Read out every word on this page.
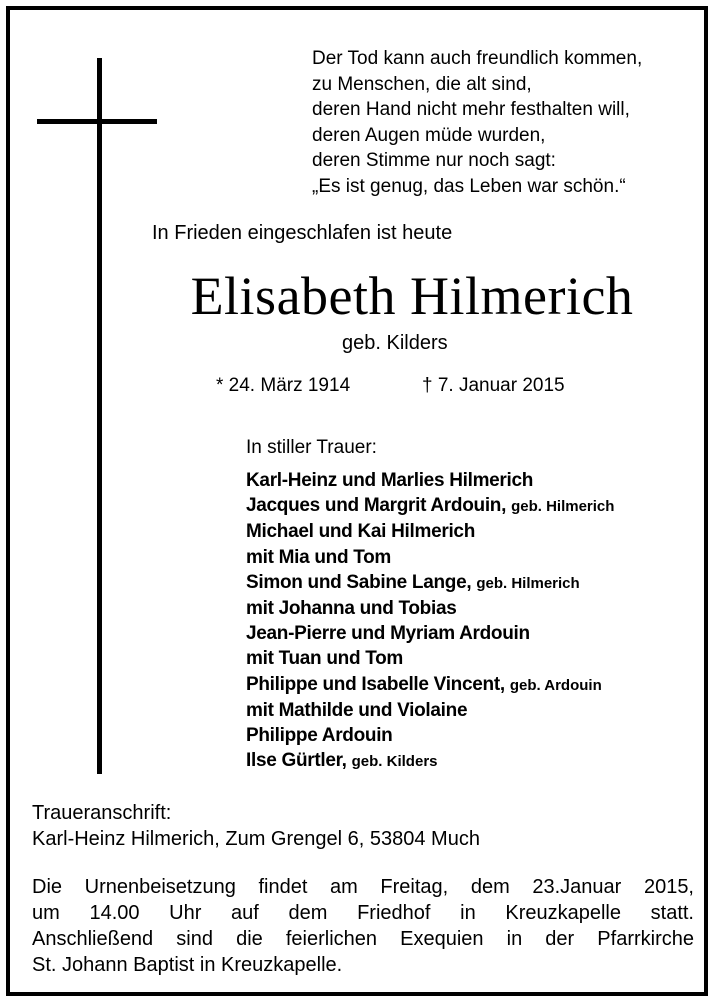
Der Tod kann auch freundlich kommen,
zu Menschen, die alt sind,
deren Hand nicht mehr festhalten will,
deren Augen müde wurden,
deren Stimme nur noch sagt:
„Es ist genug, das Leben war schön.“
In Frieden eingeschlafen ist heute
Elisabeth Hilmerich
geb. Kilders
* 24. März 1914	† 7. Januar 2015
In stiller Trauer:
Karl-Heinz und Marlies Hilmerich
Jacques und Margrit Ardouin, geb. Hilmerich
Michael und Kai Hilmerich
mit Mia und Tom
Simon und Sabine Lange, geb. Hilmerich
mit Johanna und Tobias
Jean-Pierre und Myriam Ardouin
mit Tuan und Tom
Philippe und Isabelle Vincent, geb. Ardouin
mit Mathilde und Violaine
Philippe Ardouin
Ilse Gürtler, geb. Kilders
Traueranschrift:
Karl-Heinz Hilmerich, Zum Grengel 6, 53804 Much
Die Urnenbeisetzung findet am Freitag, dem 23.Januar 2015,
um 14.00 Uhr auf dem Friedhof in Kreuzkapelle statt.
Anschließend sind die feierlichen Exequien in der Pfarrkirche
St. Johann Baptist in Kreuzkapelle.
